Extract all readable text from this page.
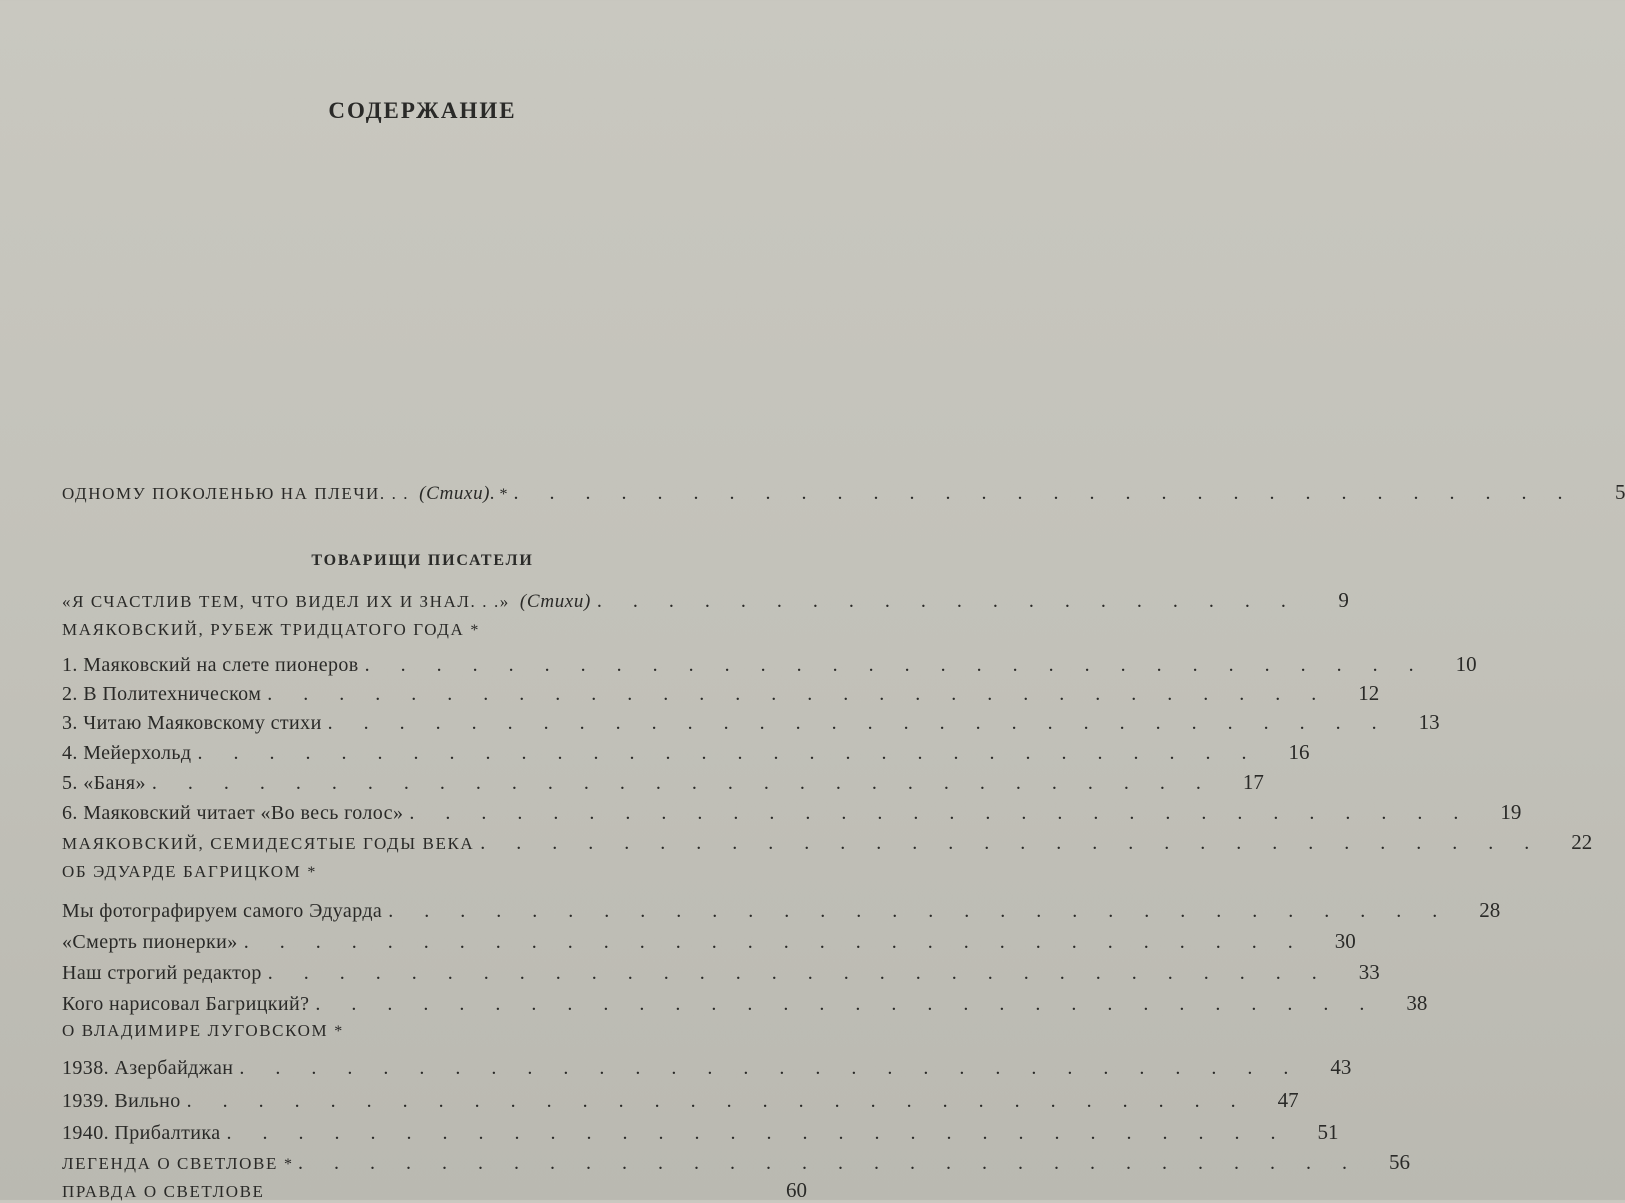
СОДЕРЖАНИЕ
ОДНОМУ ПОКОЛЕНЬЮ НА ПЛЕЧИ. . . (Стихи). * . . . . . . . . . . . . . . . . . . . . . . . . . . . . . .	5
ТОВАРИЩИ ПИСАТЕЛИ
«Я СЧАСТЛИВ ТЕМ, ЧТО ВИДЕЛ ИХ И ЗНАЛ. . .» (Стихи) . . . . . . . . . . . . . . . . . . . .	9
МАЯКОВСКИЙ, РУБЕЖ ТРИДЦАТОГО ГОДА *
1. Маяковский на слете пионеров . . . . . . . . . . . . . . . . . . . . . . . . . . . . . .	10
2. В Политехническом . . . . . . . . . . . . . . . . . . . . . . . . . . . . . .	12
3. Читаю Маяковскому стихи . . . . . . . . . . . . . . . . . . . . . . . . . . . . . .	13
4. Мейерхольд . . . . . . . . . . . . . . . . . . . . . . . . . . . . . .	16
5. «Баня» . . . . . . . . . . . . . . . . . . . . . . . . . . . . . .	17
6. Маяковский читает «Во весь голос» . . . . . . . . . . . . . . . . . . . . . . . . . . . . . .	19
МАЯКОВСКИЙ, СЕМИДЕСЯТЫЕ ГОДЫ ВЕКА . . . . . . . . . . . . . . . . . . . . . . . . . . . . . .	22
ОБ ЭДУАРДЕ БАГРИЦКОМ *
Мы фотографируем самого Эдуарда . . . . . . . . . . . . . . . . . . . . . . . . . . . . . .	28
«Смерть пионерки» . . . . . . . . . . . . . . . . . . . . . . . . . . . . . .	30
Наш строгий редактор . . . . . . . . . . . . . . . . . . . . . . . . . . . . . .	33
Кого нарисовал Багрицкий? . . . . . . . . . . . . . . . . . . . . . . . . . . . . . .	38
О ВЛАДИМИРЕ ЛУГОВСКОМ *
1938. Азербайджан . . . . . . . . . . . . . . . . . . . . . . . . . . . . . .	43
1939. Вильно . . . . . . . . . . . . . . . . . . . . . . . . . . . . . .	47
1940. Прибалтика . . . . . . . . . . . . . . . . . . . . . . . . . . . . . .	51
ЛЕГЕНДА О СВЕТЛОВЕ * . . . . . . . . . . . . . . . . . . . . . . . . . . . . . .	56
ПРАВДА О СВЕТЛОВЕ	60
